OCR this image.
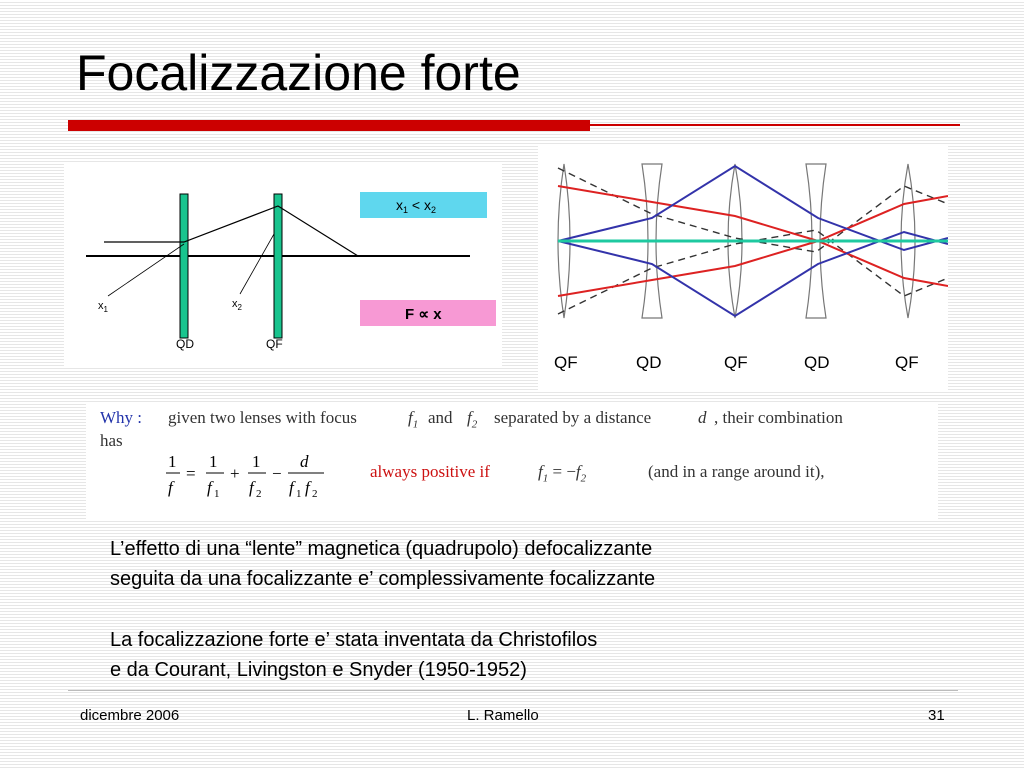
Focalizzazione forte
$x_1$	$x_2$
QD	QF
$x_1 < x_2$
F ∝ x
QF	QD	QF	QD	QF
Why : given two lenses with focus	$f_1$ and $f_2$ separated by a distance	d , their combination
has
1
f
=
1
f 1
+
1
f 2
−
d
f 1 f 2
always positive if	$f_1 = -f_2$	(and in a range around it),
L’effetto di una “lente” magnetica (quadrupolo) defocalizzante
seguita da una focalizzante e’ complessivamente focalizzante
La focalizzazione forte e’ stata inventata da Christofilos
e da Courant, Livingston e Snyder (1950-1952)
dicembre 2006	L. Ramello	31
